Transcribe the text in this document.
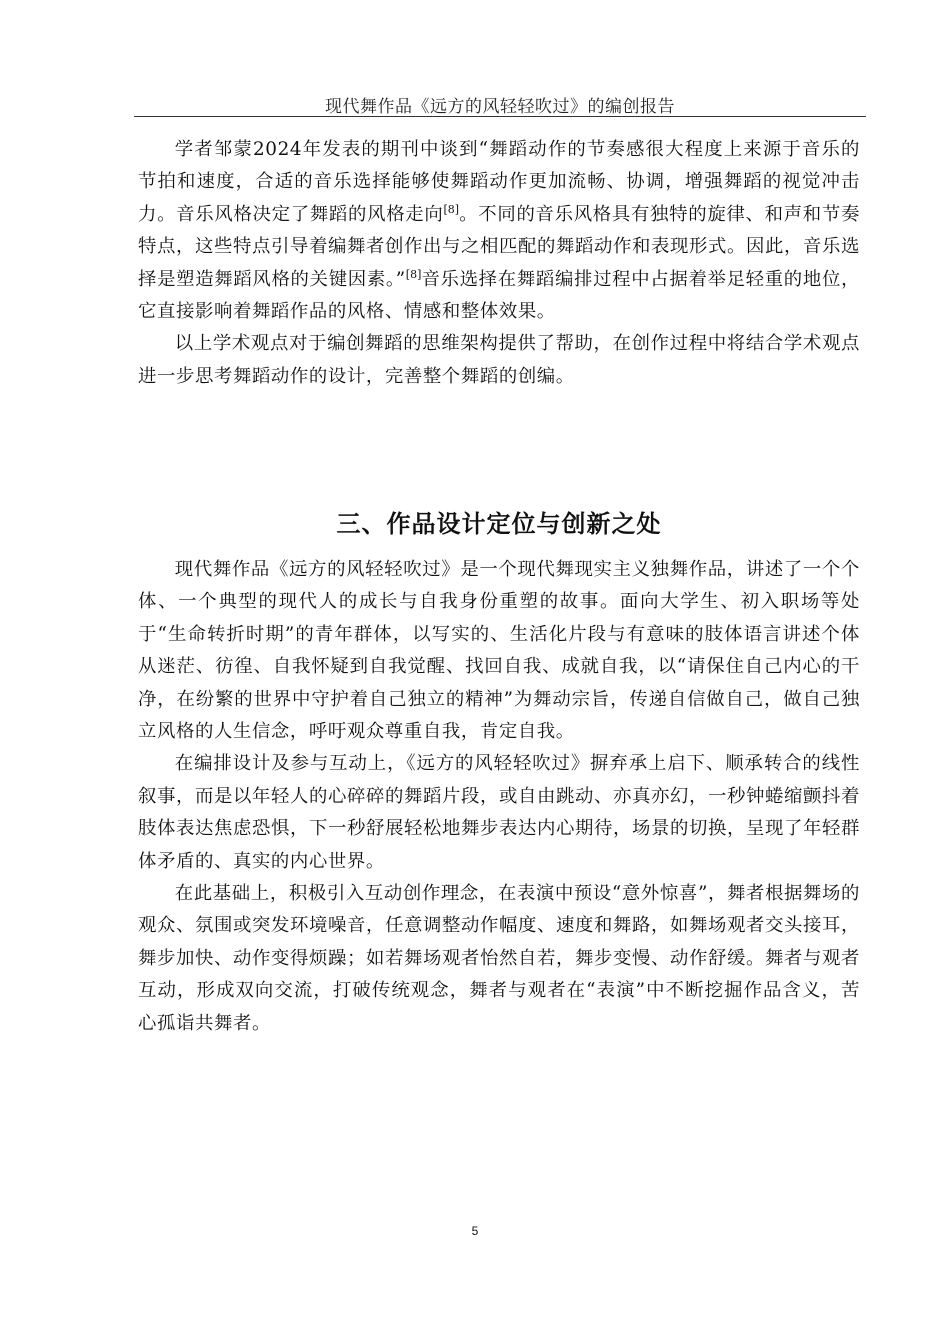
现代舞作品《远方的风轻轻吹过》的编创报告

学者邹蒙2024年发表的期刊中谈到“舞蹈动作的节奏感很大程度上来源于音乐的节拍和速度，合适的音乐选择能够使舞蹈动作更加流畅、协调，增强舞蹈的视觉冲击力。音乐风格决定了舞蹈的风格走向[8]。不同的音乐风格具有独特的旋律、和声和节奏特点，这些特点引导着编舞者创作出与之相匹配的舞蹈动作和表现形式。因此，音乐选择是塑造舞蹈风格的关键因素。”[8]音乐选择在舞蹈编排过程中占据着举足轻重的地位，它直接影响着舞蹈作品的风格、情感和整体效果。

以上学术观点对于编创舞蹈的思维架构提供了帮助，在创作过程中将结合学术观点进一步思考舞蹈动作的设计，完善整个舞蹈的创编。

三、作品设计定位与创新之处

现代舞作品《远方的风轻轻吹过》是一个现代舞现实主义独舞作品，讲述了一个个体、一个典型的现代人的成长与自我身份重塑的故事。面向大学生、初入职场等处于“生命转折时期”的青年群体，以写实的、生活化片段与有意味的肢体语言讲述个体从迷茫、彷徨、自我怀疑到自我觉醒、找回自我、成就自我，以“请保住自己内心的干净，在纷繁的世界中守护着自己独立的精神”为舞动宗旨，传递自信做自己，做自己独立风格的人生信念，呼吁观众尊重自我，肯定自我。

在编排设计及参与互动上，《远方的风轻轻吹过》摒弃承上启下、顺承转合的线性叙事，而是以年轻人的心碎碎的舞蹈片段，或自由跳动、亦真亦幻，一秒钟蜷缩颤抖着肢体表达焦虑恐惧，下一秒舒展轻松地舞步表达内心期待，场景的切换，呈现了年轻群体矛盾的、真实的内心世界。

在此基础上，积极引入互动创作理念，在表演中预设“意外惊喜”，舞者根据舞场的观众、氛围或突发环境噪音，任意调整动作幅度、速度和舞路，如舞场观者交头接耳，舞步加快、动作变得烦躁；如若舞场观者怡然自若，舞步变慢、动作舒缓。舞者与观者互动，形成双向交流，打破传统观念，舞者与观者在“表演”中不断挖掘作品含义，苦心孤诣共舞者。

5
